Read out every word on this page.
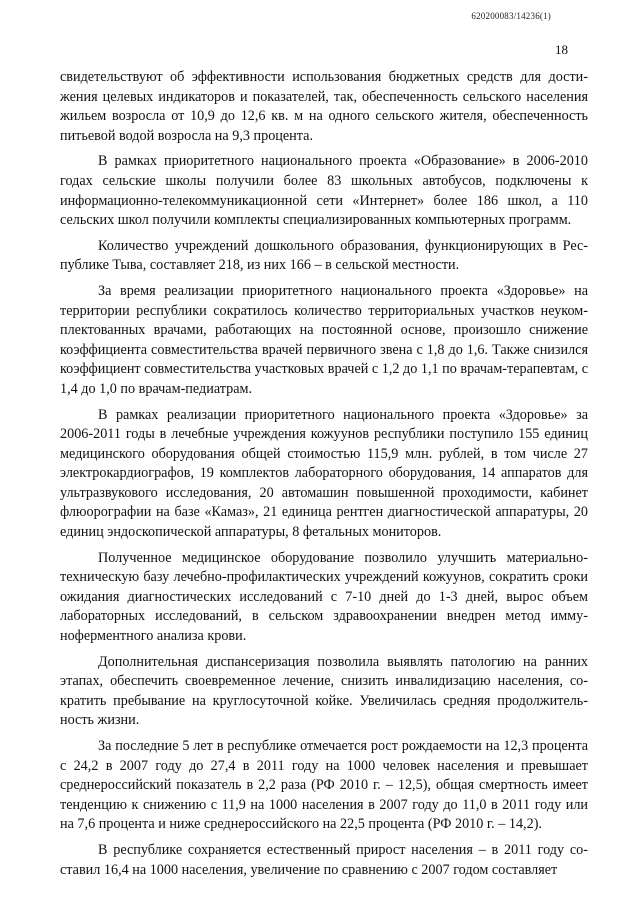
620200083/14236(1)
18

свидетельствуют об эффективности использования бюджетных средств для достижения целевых индикаторов и показателей, так, обеспеченность сельского населения жильем возросла от 10,9 до 12,6 кв. м на одного сельского жителя, обеспеченность питьевой водой возросла на 9,3 процента.

В рамках приоритетного национального проекта «Образование» в 2006-2010 годах сельские школы получили более 83 школьных автобусов, подключены к информационно-телекоммуникационной сети «Интернет» более 186 школ, а 110 сельских школ получили комплекты специализированных компьютерных программ.

Количество учреждений дошкольного образования, функционирующих в Республике Тыва, составляет 218, из них 166 – в сельской местности.

За время реализации приоритетного национального проекта «Здоровье» на территории республики сократилось количество территориальных участков неукомплектованных врачами, работающих на постоянной основе, произошло снижение коэффициента совместительства врачей первичного звена с 1,8 до 1,6. Также снизился коэффициент совместительства участковых врачей с 1,2 до 1,1 по врачам-терапевтам, с 1,4 до 1,0 по врачам-педиатрам.

В рамках реализации приоритетного национального проекта «Здоровье» за 2006-2011 годы в лечебные учреждения кожуунов республики поступило 155 единиц медицинского оборудования общей стоимостью 115,9 млн. рублей, в том числе 27 электрокардиографов, 19 комплектов лабораторного оборудования, 14 аппаратов для ультразвукового исследования, 20 автомашин повышенной проходимости, кабинет флюорографии на базе «Камаз», 21 единица рентген диагностической аппаратуры, 20 единиц эндоскопической аппаратуры, 8 фетальных мониторов.

Полученное медицинское оборудование позволило улучшить материально-техническую базу лечебно-профилактических учреждений кожуунов, сократить сроки ожидания диагностических исследований с 7-10 дней до 1-3 дней, вырос объем лабораторных исследований, в сельском здравоохранении внедрен метод иммуноферментного анализа крови.

Дополнительная диспансеризация позволила выявлять патологию на ранних этапах, обеспечить своевременное лечение, снизить инвалидизацию населения, сократить пребывание на круглосуточной койке. Увеличилась средняя продолжительность жизни.

За последние 5 лет в республике отмечается рост рождаемости на 12,3 процента с 24,2 в 2007 году до 27,4 в 2011 году на 1000 человек населения и превышает среднероссийский показатель в 2,2 раза (РФ 2010 г. – 12,5), общая смертность имеет тенденцию к снижению с 11,9 на 1000 населения в 2007 году до 11,0 в 2011 году или на 7,6 процента и ниже среднероссийского на 22,5 процента (РФ 2010 г. – 14,2).

В республике сохраняется естественный прирост населения – в 2011 году составил 16,4 на 1000 населения, увеличение по сравнению с 2007 годом составляет
